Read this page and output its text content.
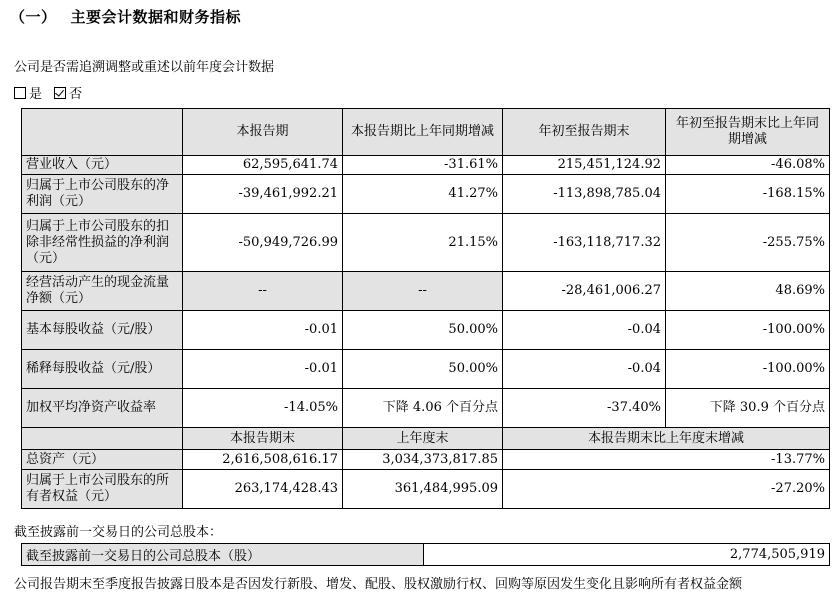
（一） 主要会计数据和财务指标
公司是否需追溯调整或重述以前年度会计数据
是 否
	本报告期	本报告期比上年同期增减	年初至报告期末	年初至报告期末比上年同期增减
营业收入（元）	62,595,641.74	-31.61%	215,451,124.92	-46.08%
归属于上市公司股东的净利润（元）	-39,461,992.21	41.27%	-113,898,785.04	-168.15%
归属于上市公司股东的扣除非经常性损益的净利润（元）	-50,949,726.99	21.15%	-163,118,717.32	-255.75%
经营活动产生的现金流量净额（元）	--	--	-28,461,006.27	48.69%
基本每股收益（元/股）	-0.01	50.00%	-0.04	-100.00%
稀释每股收益（元/股）	-0.01	50.00%	-0.04	-100.00%
加权平均净资产收益率	-14.05%	下降 4.06 个百分点	-37.40%	下降 30.9 个百分点
	本报告期末	上年度末	本报告期末比上年度末增减	
总资产（元）	2,616,508,616.17	3,034,373,817.85	-13.77%	
归属于上市公司股东的所有者权益（元）	263,174,428.43	361,484,995.09	-27.20%	
截至披露前一交易日的公司总股本：
截至披露前一交易日的公司总股本（股）	2,774,505,919
公司报告期末至季度报告披露日股本是否因发行新股、增发、配股、股权激励行权、回购等原因发生变化且影响所有者权益金额
